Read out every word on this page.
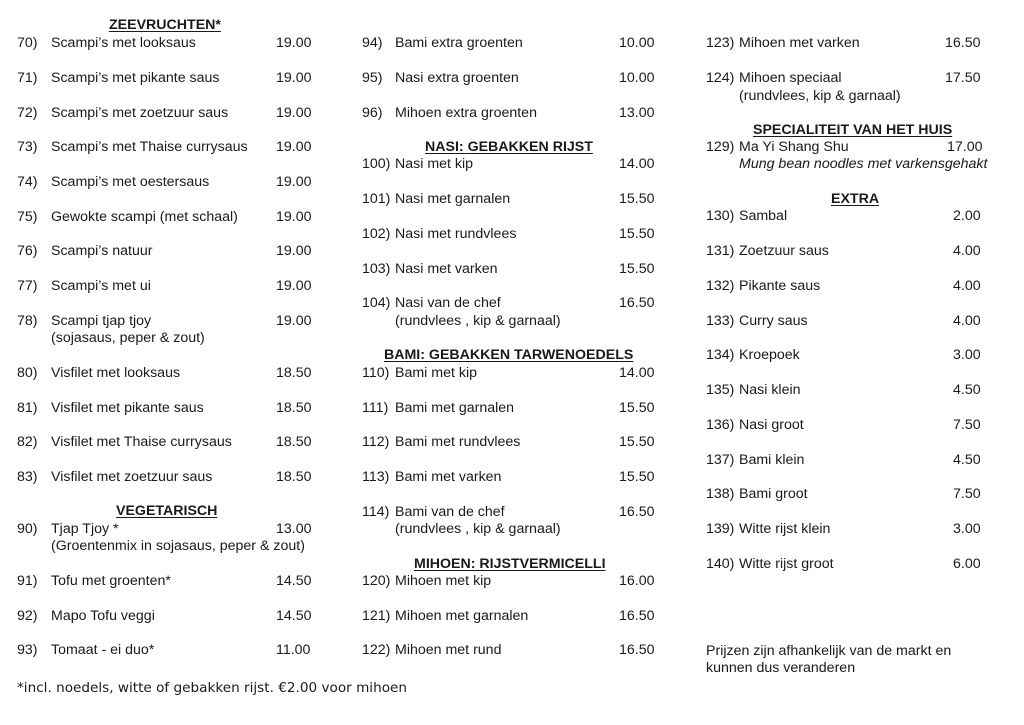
ZEEVRUCHTEN*
70) Scampi’s met looksaus	19.00
71) Scampi’s met pikante saus	19.00
72) Scampi’s met zoetzuur saus	19.00
73) Scampi’s met Thaise currysaus 19.00
74) Scampi’s met oestersaus	19.00
75) Gewokte scampi (met schaal)	19.00
76) Scampi’s natuur	19.00
77) Scampi’s met ui	19.00
78) Scampi tjap tjoy	19.00
(sojasaus, peper & zout)
80) Visfilet met looksaus	18.50
81) Visfilet met pikante saus	18.50
82) Visfilet met Thaise currysaus	18.50
83) Visfilet met zoetzuur saus	18.50
VEGETARISCH
90) Tjap Tjoy *	13.00
(Groentenmix in sojasaus, peper & zout)
91) Tofu met groenten*	14.50
92) Mapo Tofu veggi	14.50
93) Tomaat - ei duo*	11.00
*incl. noedels, witte of gebakken rijst. €2.00 voor mihoen
94) Bami extra groenten	10.00
95) Nasi extra groenten	10.00
96) Mihoen extra groenten	13.00
NASI: GEBAKKEN RIJST
100) Nasi met kip	14.00
101) Nasi met garnalen	15.50
102) Nasi met rundvlees	15.50
103) Nasi met varken	15.50
104) Nasi van de chef	16.50
(rundvlees , kip & garnaal)
BAMI: GEBAKKEN TARWENOEDELS
110) Bami met kip	14.00
111) Bami met garnalen	15.50
112) Bami met rundvlees	15.50
113) Bami met varken	15.50
114) Bami van de chef	16.50
(rundvlees , kip & garnaal)
MIHOEN: RIJSTVERMICELLI
120) Mihoen met kip	16.00
121) Mihoen met garnalen	16.50
122) Mihoen met rund	16.50
123) Mihoen met varken	16.50
124) Mihoen speciaal	17.50
(rundvlees, kip & garnaal)
SPECIALITEIT VAN HET HUIS
129) Ma Yi Shang Shu	17.00
Mung bean noodles met varkensgehakt
EXTRA
130) Sambal	2.00
131) Zoetzuur saus	4.00
132) Pikante saus	4.00
133) Curry saus	4.00
134) Kroepoek	3.00
135) Nasi klein	4.50
136) Nasi groot	7.50
137) Bami klein	4.50
138) Bami groot	7.50
139) Witte rijst klein	3.00
140) Witte rijst groot	6.00
Prijzen zijn afhankelijk van de markt en
kunnen dus veranderen
